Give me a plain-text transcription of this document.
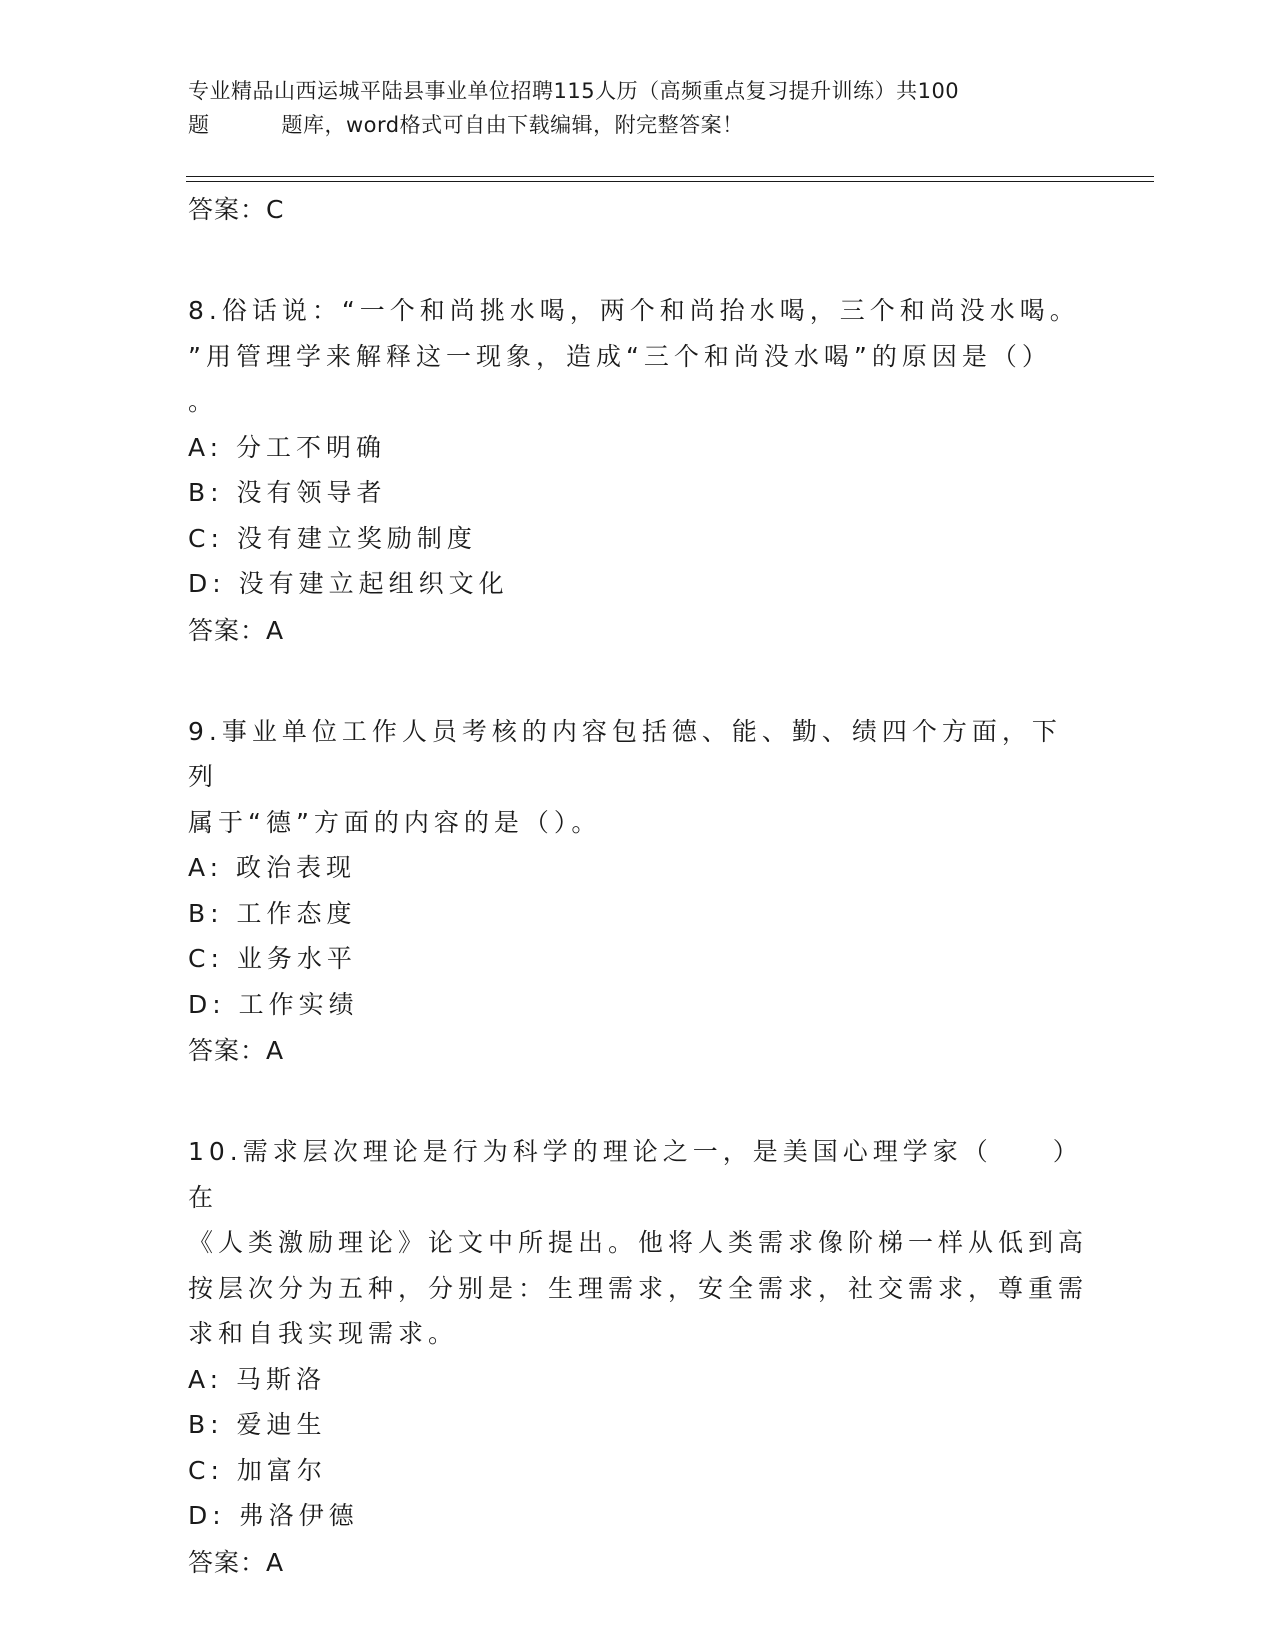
专业精品山西运城平陆县事业单位招聘115人历（高频重点复习提升训练）共100
题	题库，word格式可自由下载编辑，附完整答案！

答案：C

8.俗话说：“一个和尚挑水喝，两个和尚抬水喝，三个和尚没水喝。

”用管理学来解释这一现象，造成“三个和尚没水喝”的原因是（）

。

A: 分工不明确

B: 没有领导者

C: 没有建立奖励制度

D: 没有建立起组织文化

答案：A

9.事业单位工作人员考核的内容包括德、能、勤、绩四个方面，下列

属于“德”方面的内容的是（）。

A: 政治表现

B: 工作态度

C: 业务水平

D: 工作实绩

答案：A

10.需求层次理论是行为科学的理论之一，是美国心理学家（　　）在

《人类激励理论》论文中所提出。他将人类需求像阶梯一样从低到高

按层次分为五种，分别是：生理需求，安全需求，社交需求，尊重需

求和自我实现需求。

A: 马斯洛

B: 爱迪生

C: 加富尔

D: 弗洛伊德

答案：A
